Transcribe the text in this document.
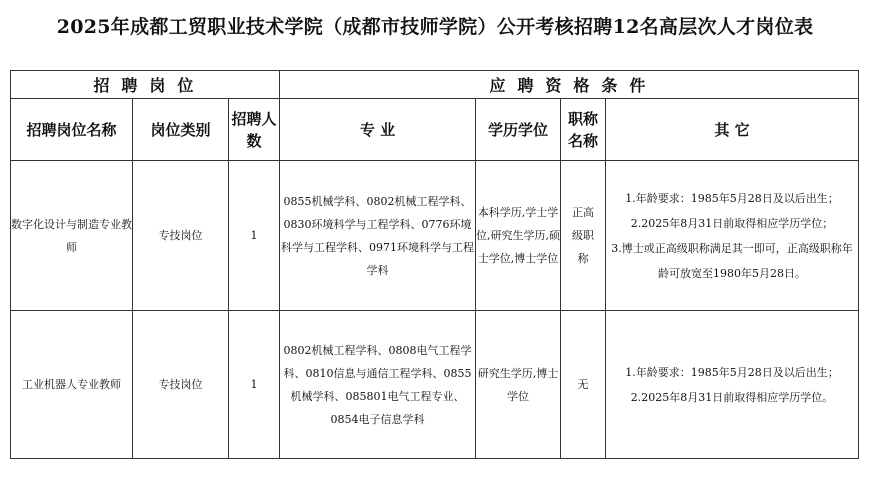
2025年成都工贸职业技术学院（成都市技师学院）公开考核招聘12名高层次人才岗位表
招 聘 岗 位			应 聘 资 格 条 件			
招聘岗位名称	岗位类别	招聘人数	专 业	学历学位	职称名称	其 它
数字化设计与制造专业教师	专技岗位	1	0855机械学科、0802机械工程学科、0830环境科学与工程学科、0776环境科学与工程学科、0971环境科学与工程学科	本科学历,学士学位,研究生学历,硕士学位,博士学位	正高级职称	1.年龄要求：1985年5月28日及以后出生；
2.2025年8月31日前取得相应学历学位；
3.博士或正高级职称满足其一即可，正高级职称年龄可放宽至1980年5月28日。

工业机器人专业教师	专技岗位	1	0802机械工程学科、0808电气工程学科、0810信息与通信工程学科、0855机械学科、085801电气工程专业、0854电子信息学科	研究生学历,博士学位	无	1.年龄要求：1985年5月28日及以后出生；
2.2025年8月31日前取得相应学历学位。
